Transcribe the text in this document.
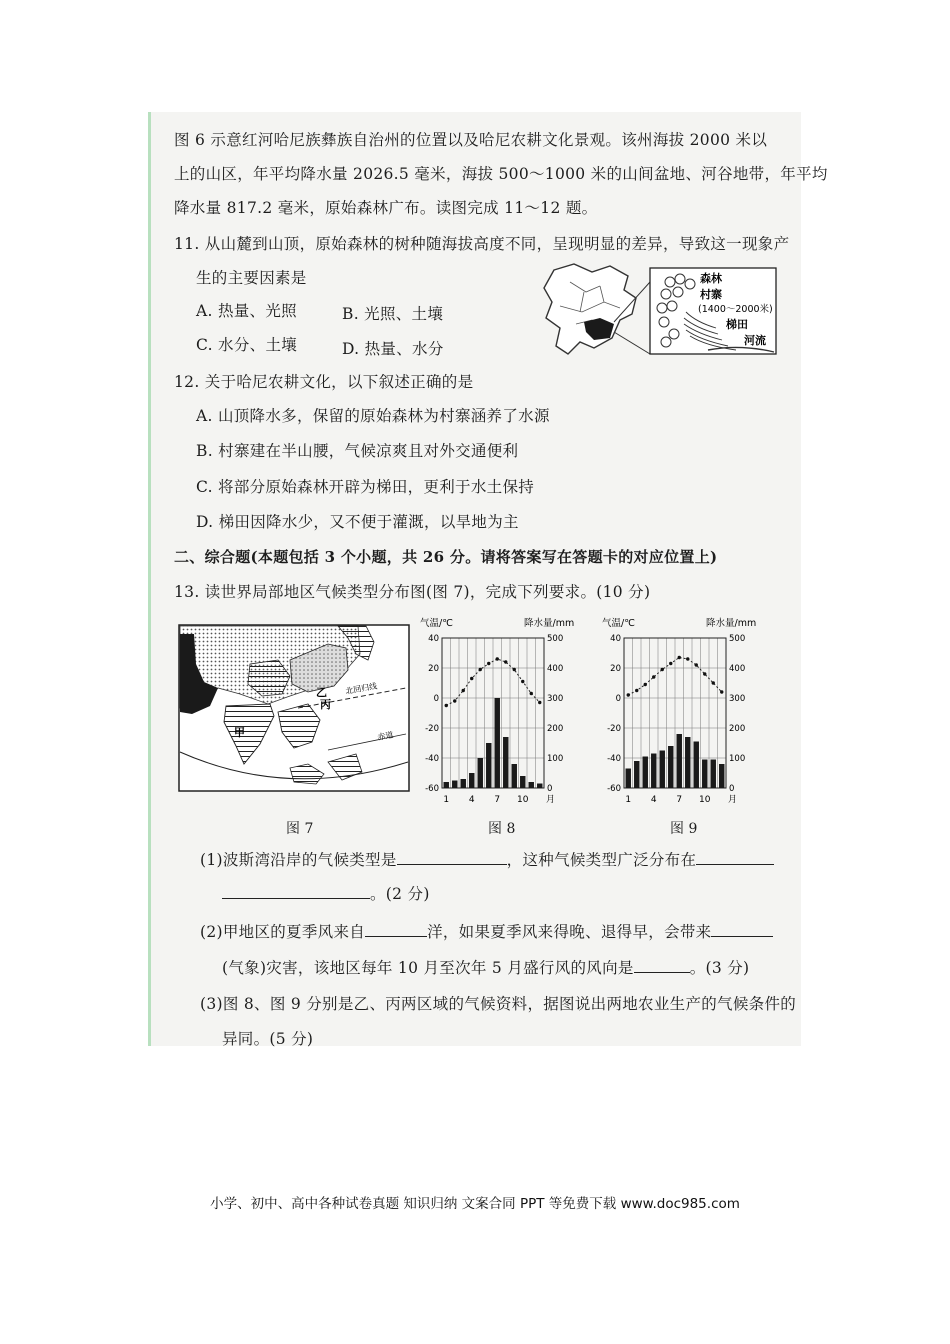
图 6 示意红河哈尼族彝族自治州的位置以及哈尼农耕文化景观。该州海拔 2000 米以
上的山区，年平均降水量 2026.5 毫米，海拔 500～1000 米的山间盆地、河谷地带，年平均
降水量 817.2 毫米，原始森林广布。读图完成 11～12 题。
11. 从山麓到山顶，原始森林的树种随海拔高度不同，呈现明显的差异，导致这一现象产
生的主要因素是
A. 热量、光照	B. 光照、土壤
C. 水分、土壤	D. 热量、水分
森林
村寨
(1400～2000米)
梯田
河流
12. 关于哈尼农耕文化，以下叙述正确的是
A. 山顶降水多，保留的原始森林为村寨涵养了水源
B. 村寨建在半山腰，气候凉爽且对外交通便利
C. 将部分原始森林开辟为梯田，更利于水土保持
D. 梯田因降水少，又不便于灌溉，以旱地为主
二、综合题(本题包括 3 个小题，共 26 分。请将答案写在答题卡的对应位置上)
13. 读世界局部地区气候类型分布图(图 7)，完成下列要求。(10 分)
北回归线
赤道
甲
乙
丙
气温/℃	降水量/mm
40
20
0
-20
-40
-60
500
400
300
200
100
0
1 4 7 10 月
气温/℃	降水量/mm
40
20
0
-20
-40
-60
500
400
300
200
100
0
1 4 7 10 月
图 7	图 8	图 9
(1)波斯湾沿岸的气候类型是	，这种气候类型广泛分布在
。(2 分)
(2)甲地区的夏季风来自	洋，如果夏季风来得晚、退得早，会带来
(气象)灾害，该地区每年 10 月至次年 5 月盛行风的风向是	。(3 分)
(3)图 8、图 9 分别是乙、丙两区域的气候资料，据图说出两地农业生产的气候条件的
异同。(5 分)
小学、初中、高中各种试卷真题 知识归纳 文案合同 PPT 等免费下载 www.doc985.com
